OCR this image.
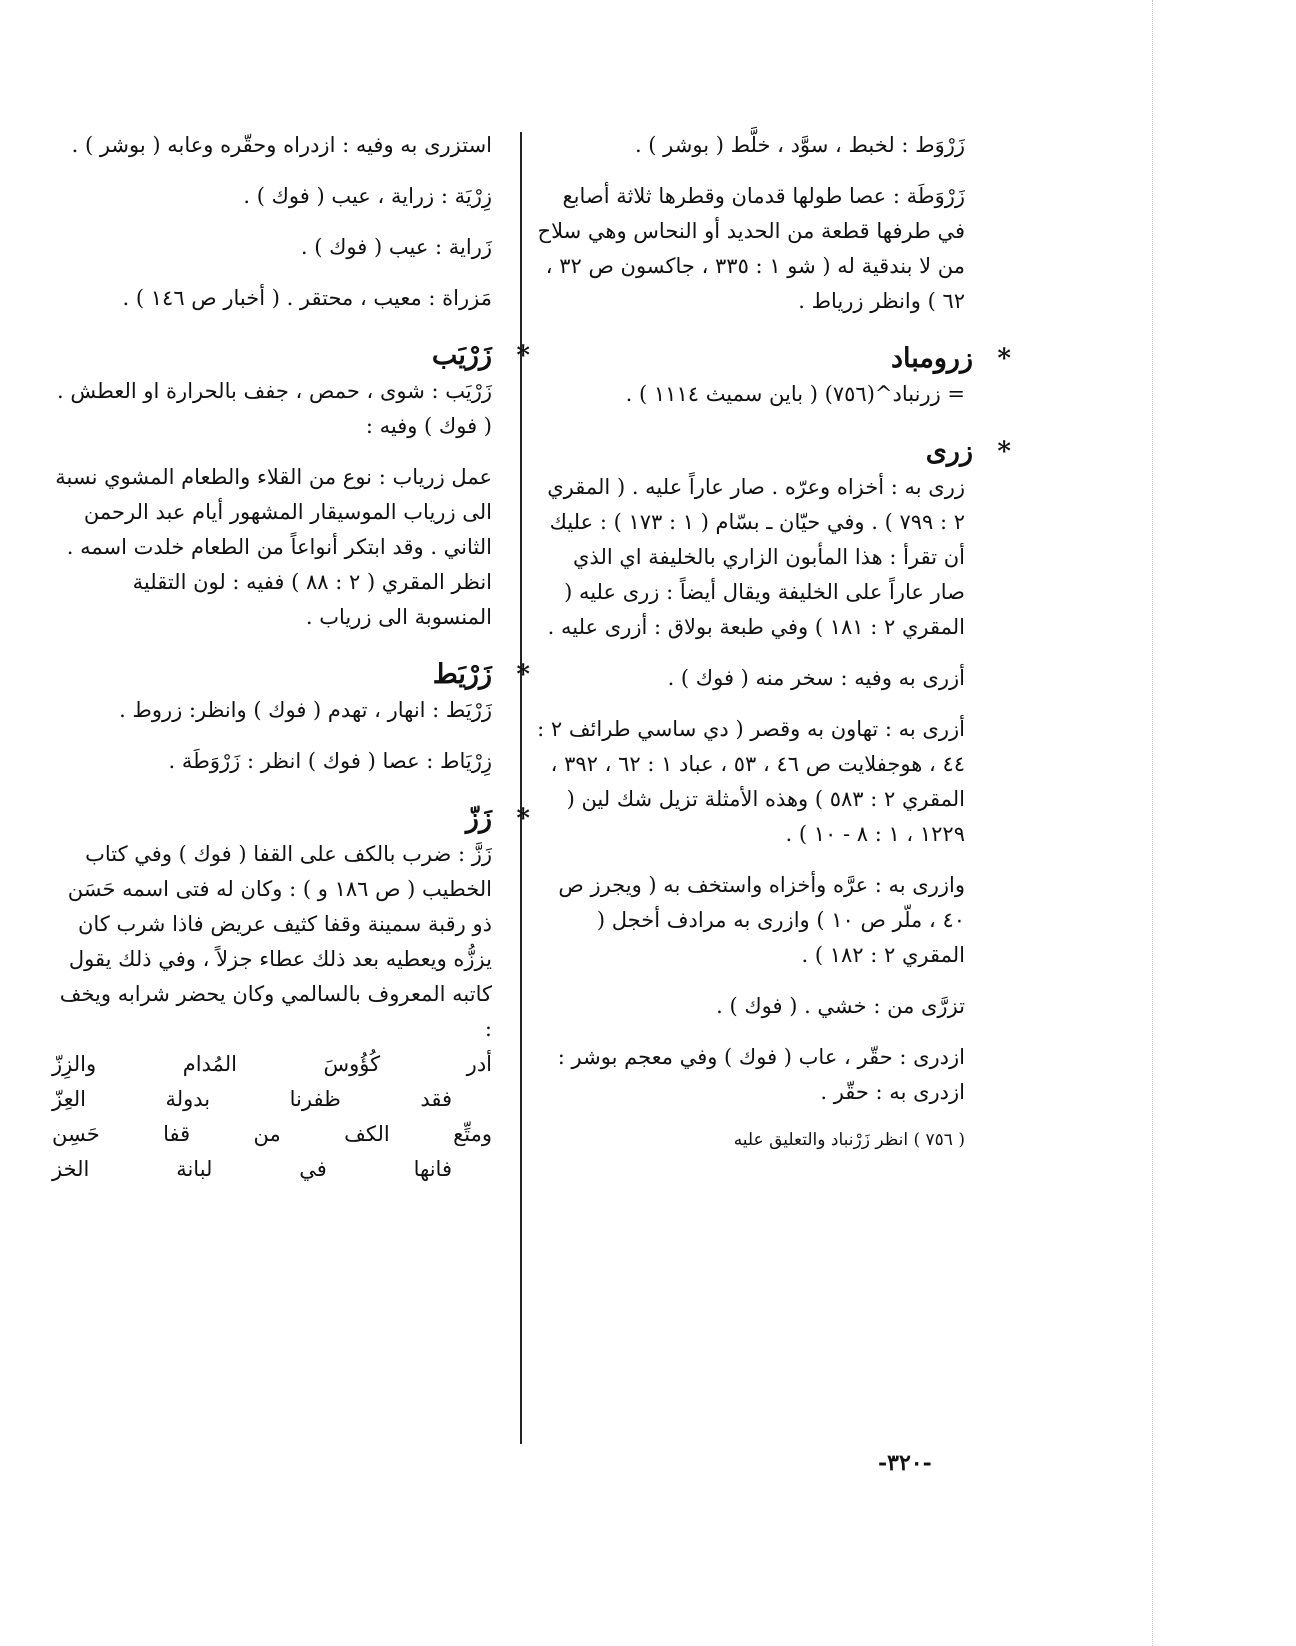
زَرْوَط : لخبط ، سوَّد ، خلَّط ( بوشر ) .

زَرْوَطَة : عصا طولها قدمان وقطرها ثلاثة أصابع في طرفها قطعة من الحديد أو النحاس وهي سلاح من لا بندقية له ( شو ١ : ٣٣٥ ، جاكسون ص ٣٢ ، ٦٢ ) وانظر زرياط .

*
زرومباد

= زرنباد^(٧٥٦) ( باين سميث ١١١٤ ) .

*
زرى

زرى به : أخزاه وعرّه . صار عاراً عليه . ( المقري ٢ : ٧٩٩ ) . وفي حيّان ـ بسّام ( ١ : ١٧٣ ) : عليك أن تقرأ : هذا المأبون الزاري بالخليفة اي الذي صار عاراً على الخليفة ويقال أيضاً : زرى عليه ( المقري ٢ : ١٨١ ) وفي طبعة بولاق : أزرى عليه .

أزرى به وفيه : سخر منه ( فوك ) .

أزرى به : تهاون به وقصر ( دي ساسي طرائف ٢ : ٤٤ ، هوجفلايت ص ٤٦ ، ٥٣ ، عباد ١ : ٦٢ ، ٣٩٢ ، المقري ٢ : ٥٨٣ ) وهذه الأمثلة تزيل شك لين ( ١٢٢٩ ، ١ : ٨ - ١٠ ) .

وازرى به : عرَّه وأخزاه واستخف به ( ويجرز ص ٤٠ ، ملّر ص ١٠ ) وازرى به مرادف أخجل ( المقري ٢ : ١٨٢ ) .

تزرَّى من : خشي . ( فوك ) .

ازدرى : حقّر ، عاب ( فوك ) وفي معجم بوشر : ازدرى به : حقّر .

( ٧٥٦ ) انظر زَرْنباد والتعليق عليه

استزرى به وفيه : ازدراه وحقّره وعابه ( بوشر ) .

زِرْيَة : زراية ، عيب ( فوك ) .

زَراية : عيب ( فوك ) .

مَزراة : معيب ، محتقر . ( أخبار ص ١٤٦ ) .

*
زَرْيَب

زَرْيَب : شوى ، حمص ، جفف بالحرارة او العطش . ( فوك ) وفيه :

عمل زرياب : نوع من القلاء والطعام المشوي نسبة الى زرياب الموسيقار المشهور أيام عبد الرحمن الثاني . وقد ابتكر أنواعاً من الطعام خلدت اسمه . انظر المقري ( ٢ : ٨٨ ) ففيه : لون التقلية المنسوبة الى زرياب .

*
زَرْيَط

زَرْيَط : انهار ، تهدم ( فوك ) وانظر: زروط .

زِرْيَاط : عصا ( فوك ) انظر : زَرْوَطَة .

*
زَزّ

زَزَّ : ضرب بالكف على القفا ( فوك ) وفي كتاب الخطيب ( ص ١٨٦ و ) : وكان له فتى اسمه حَسَن ذو رقبة سمينة وقفا كثيف عريض فاذا شرب كان يززُّه ويعطيه بعد ذلك عطاء جزلاً ، وفي ذلك يقول كاتبه المعروف بالسالمي وكان يحضر شرابه ويخف :

أدر
كُؤُوسَ
المُدام
والزِزّ
فقد
ظفرنا
بدولة
العِزّ
ومتِّع
الكف
من
قفا
حَسِن
فانها
في
لبانة
الخز
-٣٢٠-
